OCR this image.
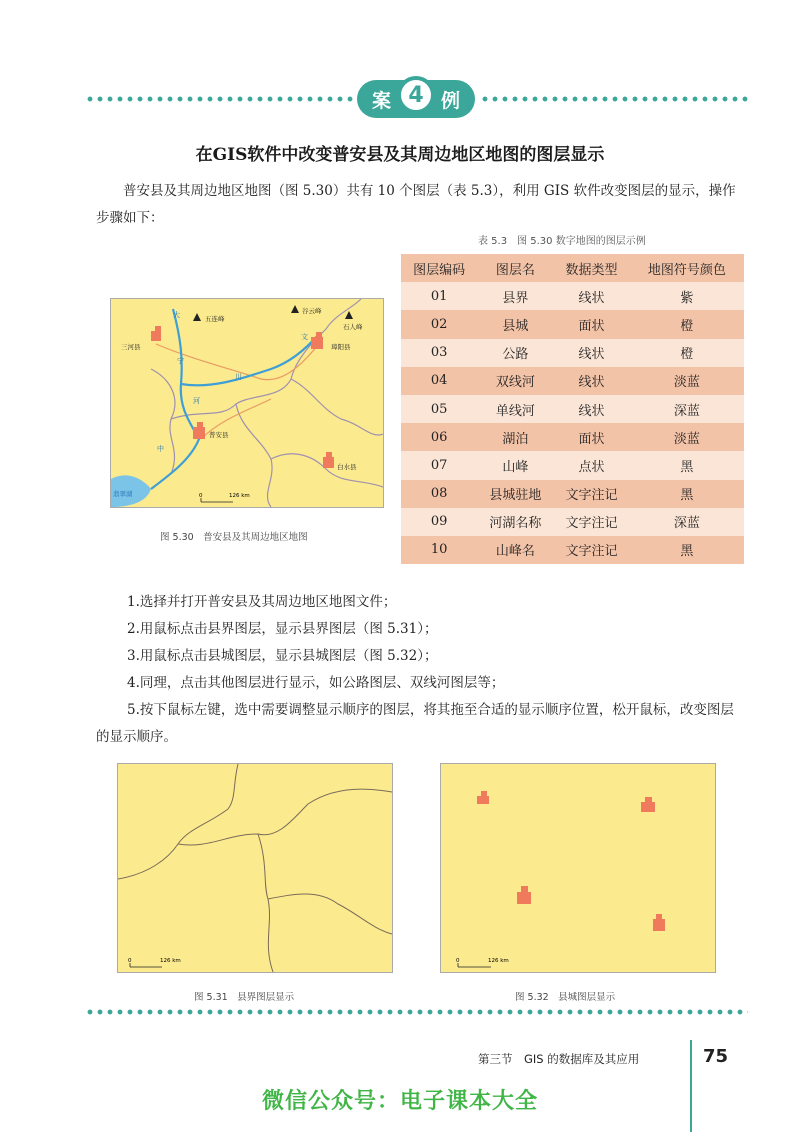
案 4 例
在GIS软件中改变普安县及其周边地区地图的图层显示
普安县及其周边地区地图（图 5.30）共有 10 个图层（表 5.3），利用 GIS 软件改变图层的显示，操作步骤如下：
表 5.3　图 5.30 数字地图的图层示例
图层编码	图层名	数据类型	地图符号颜色
01	县界	线状	紫
02	县城	面状	橙
03	公路	线状	橙
04	双线河	线状	淡蓝
05	单线河	线状	深蓝
06	湖泊	面状	淡蓝
07	山峰	点状	黑
08	县城驻地	文字注记	黑
09	河湖名称	文字注记	深蓝
10	山峰名	文字注记	黑
三河县
五连峰
谷云峰
石人峰
璋阳县
普安县
白水县
翡翠湖
大
宁
河
中
文
川
0	126 km
图 5.30　普安县及其周边地区地图
1.选择并打开普安县及其周边地区地图文件；
2.用鼠标点击县界图层，显示县界图层（图 5.31）；
3.用鼠标点击县城图层，显示县城图层（图 5.32）；
4.同理，点击其他图层进行显示，如公路图层、双线河图层等；
5.按下鼠标左键，选中需要调整显示顺序的图层，将其拖至合适的显示顺序位置，松开鼠标，改变图层的显示顺序。
0	126 km
图 5.31　县界图层显示
0	126 km
图 5.32　县城图层显示
第三节　GIS 的数据库及其应用	75
微信公众号：电子课本大全
